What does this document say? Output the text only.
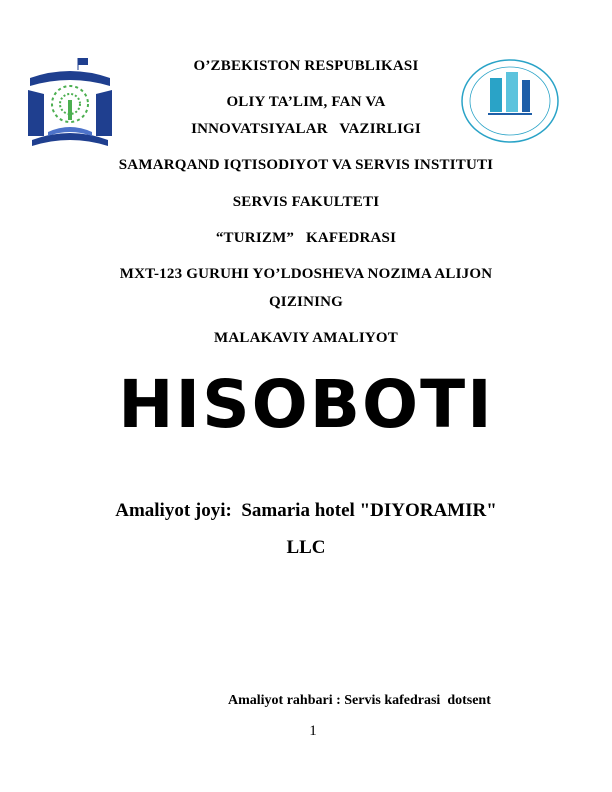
O’ZBEKISTON RESPUBLIKASI
OLIY TA’LIM, FAN VA
INNOVATSIYALAR   VAZIRLIGI
SAMARQAND IQTISODIYOT VA SERVIS INSTITUTI
SERVIS FAKULTETI
“TURIZM”   KAFEDRASI
MXT-123 GURUHI YO’LDOSHEVA NOZIMA ALIJON
QIZINING
MALAKAVIY AMALIYOT
HISOBOTI
Amaliyot joyi:  Samaria hotel "DIYORAMIR"
LLC
Amaliyot rahbari : Servis kafedrasi  dotsent
1
